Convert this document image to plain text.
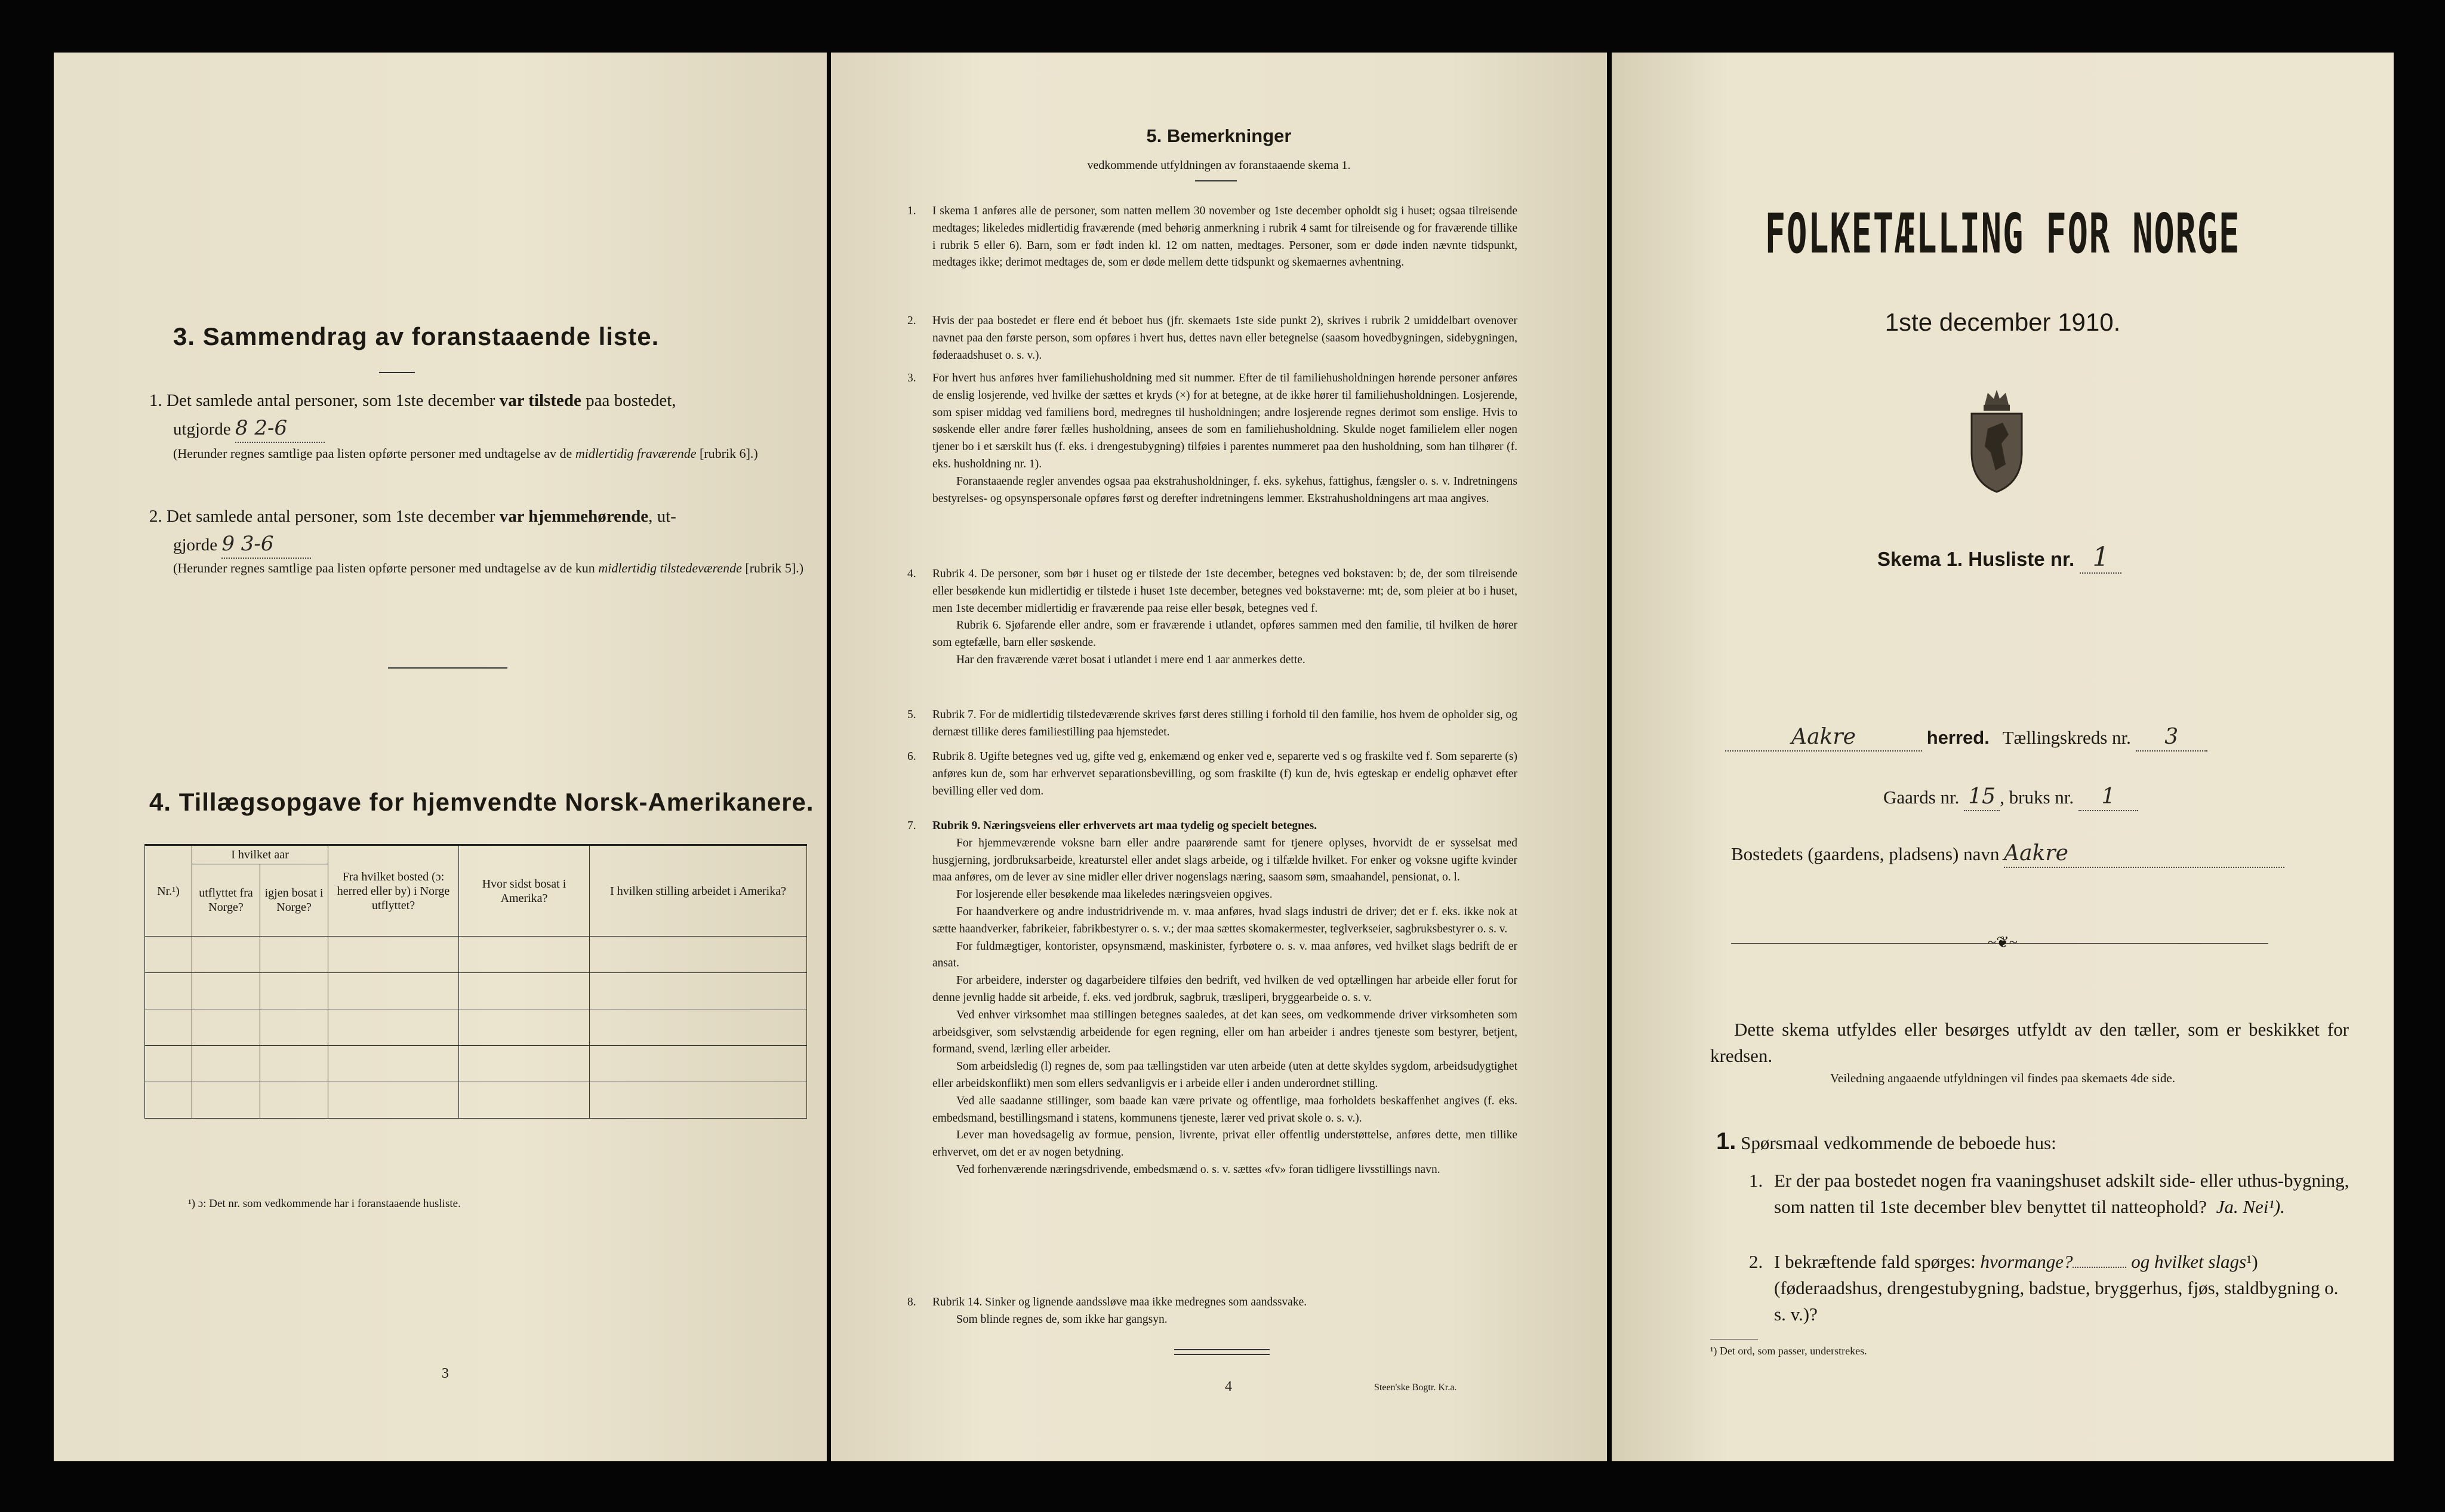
3. Sammendrag av foranstaaende liste.
1. Det samlede antal personer, som 1ste december var tilstede paa bostedet,
utgjorde 8 2-6
(Herunder regnes samtlige paa listen opførte personer med undtagelse av de midlertidig fraværende [rubrik 6].)
2. Det samlede antal personer, som 1ste december var hjemmehørende, ut-
gjorde 9 3-6
(Herunder regnes samtlige paa listen opførte personer med undtagelse av de kun midlertidig tilstedeværende [rubrik 5].)
4. Tillægsopgave for hjemvendte Norsk-Amerikanere.
Nr.¹)	I hvilket aar		Fra hvilket bosted (ɔ: herred eller by) i Norge utflyttet?	Hvor sidst bosat i Amerika?	I hvilken stilling arbeidet i Amerika?
	utflyttet fra Norge?	igjen bosat i Norge?			

¹) ɔ: Det nr. som vedkommende har i foranstaaende husliste.
3
5. Bemerkninger
vedkommende utfyldningen av foranstaaende skema 1.
1. I skema 1 anføres alle de personer, som natten mellem 30 november og 1ste december opholdt sig i huset; ogsaa tilreisende medtages; likeledes midlertidig fraværende (med behørig anmerkning i rubrik 4 samt for tilreisende og for fraværende tillike i rubrik 5 eller 6). Barn, som er født inden kl. 12 om natten, medtages. Personer, som er døde inden nævnte tidspunkt, medtages ikke; derimot medtages de, som er døde mellem dette tidspunkt og skemaernes avhentning.
2. Hvis der paa bostedet er flere end ét beboet hus (jfr. skemaets 1ste side punkt 2), skrives i rubrik 2 umiddelbart ovenover navnet paa den første person, som opføres i hvert hus, dettes navn eller betegnelse (saasom hovedbygningen, sidebygningen, føderaadshuset o. s. v.).
3. For hvert hus anføres hver familiehusholdning med sit nummer. Efter de til familiehusholdningen hørende personer anføres de enslig losjerende, ved hvilke der sættes et kryds (×) for at betegne, at de ikke hører til familiehusholdningen. Losjerende, som spiser middag ved familiens bord, medregnes til husholdningen; andre losjerende regnes derimot som enslige. Hvis to søskende eller andre fører fælles husholdning, ansees de som en familiehusholdning. Skulde noget familielem eller nogen tjener bo i et særskilt hus (f. eks. i drengestubygning) tilføies i parentes nummeret paa den husholdning, som han tilhører (f. eks. husholdning nr. 1).
Foranstaaende regler anvendes ogsaa paa ekstrahusholdninger, f. eks. sykehus, fattighus, fængsler o. s. v. Indretningens bestyrelses- og opsynspersonale opføres først og derefter indretningens lemmer. Ekstrahusholdningens art maa angives.
4. Rubrik 4. De personer, som bør i huset og er tilstede der 1ste december, betegnes ved bokstaven: b; de, der som tilreisende eller besøkende kun midlertidig er tilstede i huset 1ste december, betegnes ved bokstaverne: mt; de, som pleier at bo i huset, men 1ste december midlertidig er fraværende paa reise eller besøk, betegnes ved f.
Rubrik 6. Sjøfarende eller andre, som er fraværende i utlandet, opføres sammen med den familie, til hvilken de hører som egtefælle, barn eller søskende.
Har den fraværende været bosat i utlandet i mere end 1 aar anmerkes dette.
5. Rubrik 7. For de midlertidig tilstedeværende skrives først deres stilling i forhold til den familie, hos hvem de opholder sig, og dernæst tillike deres familiestilling paa hjemstedet.
6. Rubrik 8. Ugifte betegnes ved ug, gifte ved g, enkemænd og enker ved e, separerte ved s og fraskilte ved f. Som separerte (s) anføres kun de, som har erhvervet separationsbevilling, og som fraskilte (f) kun de, hvis egteskap er endelig ophævet efter bevilling eller ved dom.
7. Rubrik 9. Næringsveiens eller erhvervets art maa tydelig og specielt betegnes.
For hjemmeværende voksne barn eller andre paarørende samt for tjenere oplyses, hvorvidt de er sysselsat med husgjerning, jordbruksarbeide, kreaturstel eller andet slags arbeide, og i tilfælde hvilket. For enker og voksne ugifte kvinder maa anføres, om de lever av sine midler eller driver nogenslags næring, saasom søm, smaahandel, pensionat, o. l.
For losjerende eller besøkende maa likeledes næringsveien opgives.
For haandverkere og andre industridrivende m. v. maa anføres, hvad slags industri de driver; det er f. eks. ikke nok at sætte haandverker, fabrikeier, fabrikbestyrer o. s. v.; der maa sættes skomakermester, teglverkseier, sagbruksbestyrer o. s. v.
For fuldmægtiger, kontorister, opsynsmænd, maskinister, fyrbøtere o. s. v. maa anføres, ved hvilket slags bedrift de er ansat.
For arbeidere, inderster og dagarbeidere tilføies den bedrift, ved hvilken de ved optællingen har arbeide eller forut for denne jevnlig hadde sit arbeide, f. eks. ved jordbruk, sagbruk, træsliperi, bryggearbeide o. s. v.
Ved enhver virksomhet maa stillingen betegnes saaledes, at det kan sees, om vedkommende driver virksomheten som arbeidsgiver, som selvstændig arbeidende for egen regning, eller om han arbeider i andres tjeneste som bestyrer, betjent, formand, svend, lærling eller arbeider.
Som arbeidsledig (l) regnes de, som paa tællingstiden var uten arbeide (uten at dette skyldes sygdom, arbeidsudygtighet eller arbeidskonflikt) men som ellers sedvanligvis er i arbeide eller i anden underordnet stilling.
Ved alle saadanne stillinger, som baade kan være private og offentlige, maa forholdets beskaffenhet angives (f. eks. embedsmand, bestillingsmand i statens, kommunens tjeneste, lærer ved privat skole o. s. v.).
Lever man hovedsagelig av formue, pension, livrente, privat eller offentlig understøttelse, anføres dette, men tillike erhvervet, om det er av nogen betydning.
Ved forhenværende næringsdrivende, embedsmænd o. s. v. sættes «fv» foran tidligere livsstillings navn.
8. Rubrik 14. Sinker og lignende aandssløve maa ikke medregnes som aandssvake.
Som blinde regnes de, som ikke har gangsyn.
4	Steen'ske Bogtr. Kr.a.
FOLKETÆLLING FOR NORGE
1ste december 1910.
Skema 1. Husliste nr. 1
Aakre	herred. Tællingskreds nr. 3
Gaards nr. 15 , bruks nr. 1
Bostedets (gaardens, pladsens) navn Aakre
~❦~
Dette skema utfyldes eller besørges utfyldt av den tæller, som er beskikket for kredsen.
Veiledning angaaende utfyldningen vil findes paa skemaets 4de side.
1. Spørsmaal vedkommende de beboede hus:
1. Er der paa bostedet nogen fra vaaningshuset adskilt side- eller uthus-bygning, som natten til 1ste december blev benyttet til natteophold? Ja. Nei¹).
2. I bekræftende fald spørges: hvormange?	og hvilket slags¹) (føderaadshus, drengestubygning, badstue, bryggerhus, fjøs, staldbygning o. s. v.)?
¹) Det ord, som passer, understrekes.
